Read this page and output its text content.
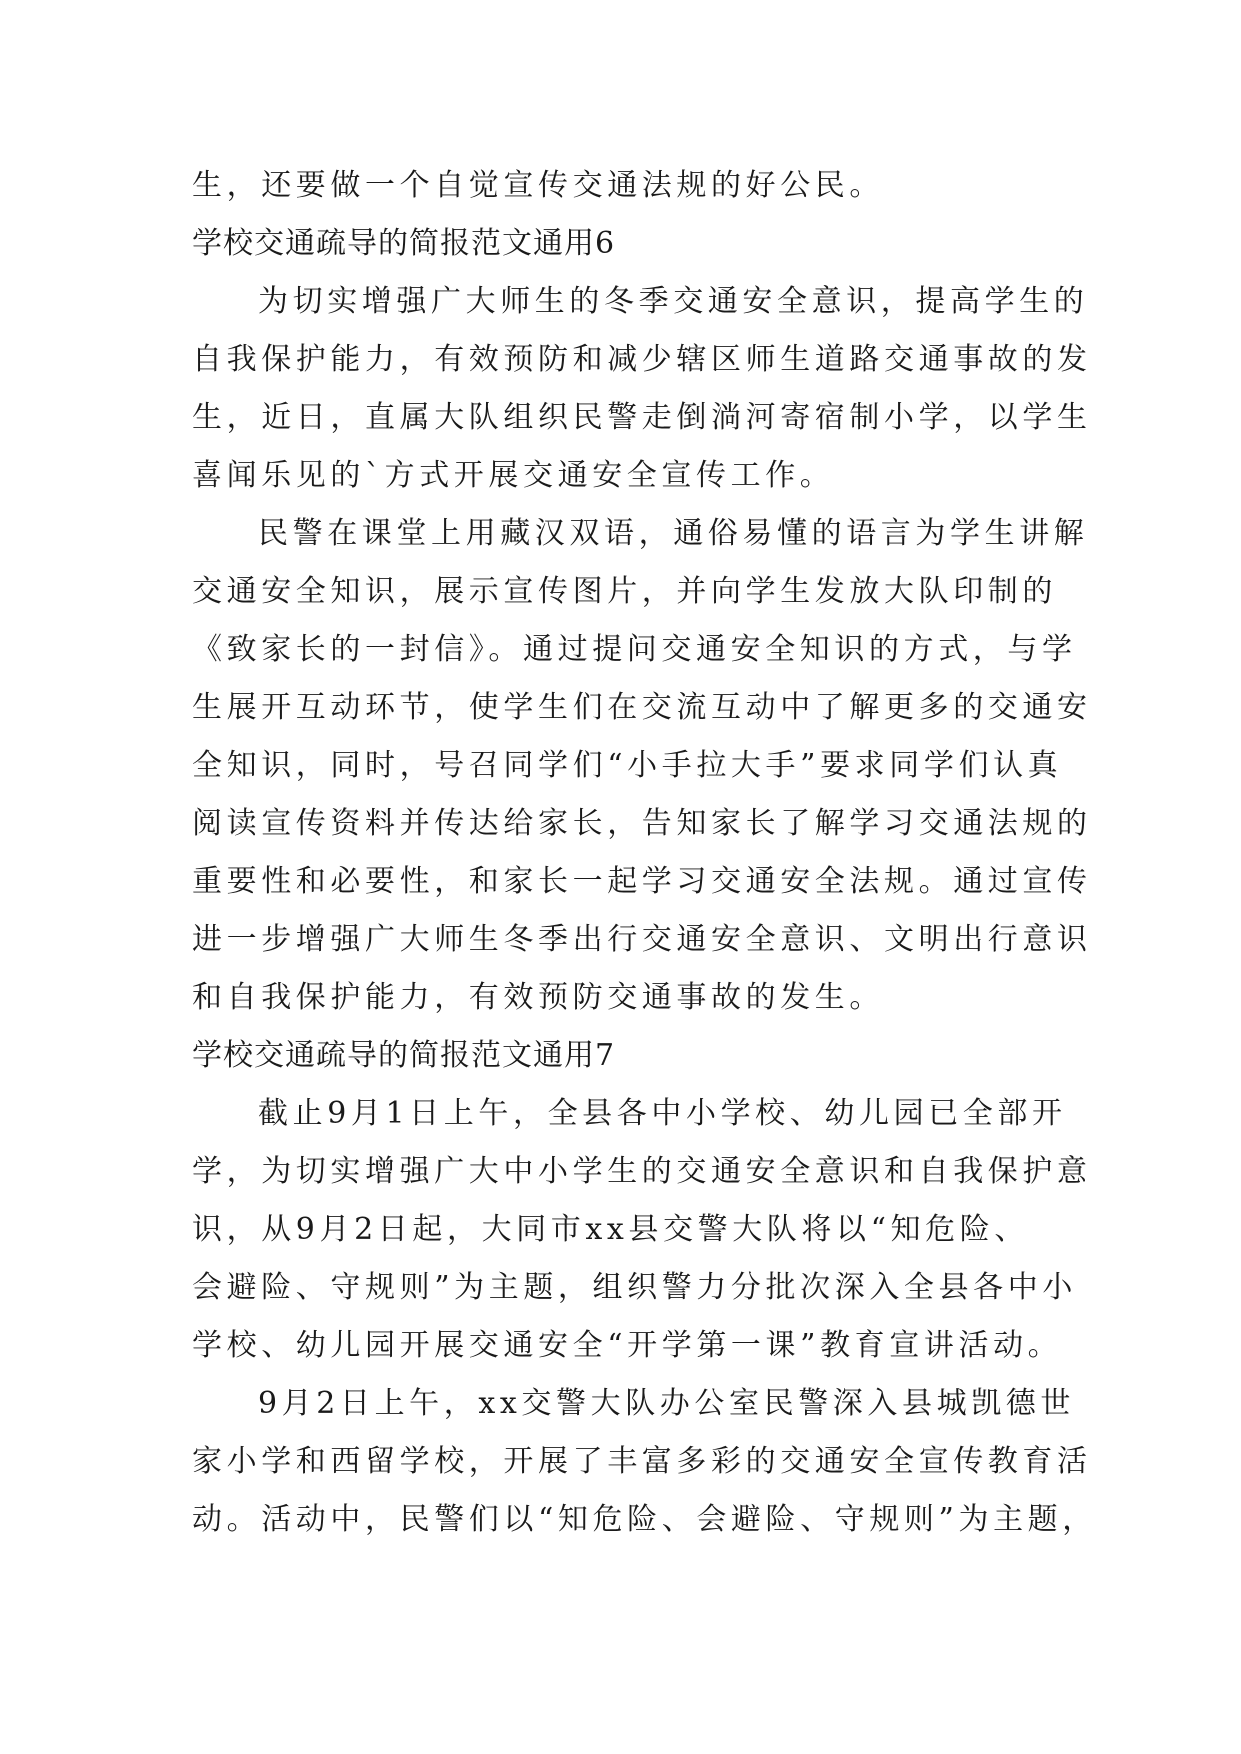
生，还要做一个自觉宣传交通法规的好公民。
学校交通疏导的简报范文通用6
为切实增强广大师生的冬季交通安全意识，提高学生的
自我保护能力，有效预防和减少辖区师生道路交通事故的发
生，近日，直属大队组织民警走倒淌河寄宿制小学，以学生
喜闻乐见的`方式开展交通安全宣传工作。
民警在课堂上用藏汉双语，通俗易懂的语言为学生讲解
交通安全知识，展示宣传图片，并向学生发放大队印制的
《致家长的一封信》。通过提问交通安全知识的方式，与学
生展开互动环节，使学生们在交流互动中了解更多的交通安
全知识，同时，号召同学们“小手拉大手”要求同学们认真
阅读宣传资料并传达给家长，告知家长了解学习交通法规的
重要性和必要性，和家长一起学习交通安全法规。通过宣传
进一步增强广大师生冬季出行交通安全意识、文明出行意识
和自我保护能力，有效预防交通事故的发生。
学校交通疏导的简报范文通用7
截止9月1日上午，全县各中小学校、幼儿园已全部开
学，为切实增强广大中小学生的交通安全意识和自我保护意
识，从9月2日起，大同市xx县交警大队将以“知危险、
会避险、守规则”为主题，组织警力分批次深入全县各中小
学校、幼儿园开展交通安全“开学第一课”教育宣讲活动。
9月2日上午，xx交警大队办公室民警深入县城凯德世
家小学和西留学校，开展了丰富多彩的交通安全宣传教育活
动。活动中，民警们以“知危险、会避险、守规则”为主题，
